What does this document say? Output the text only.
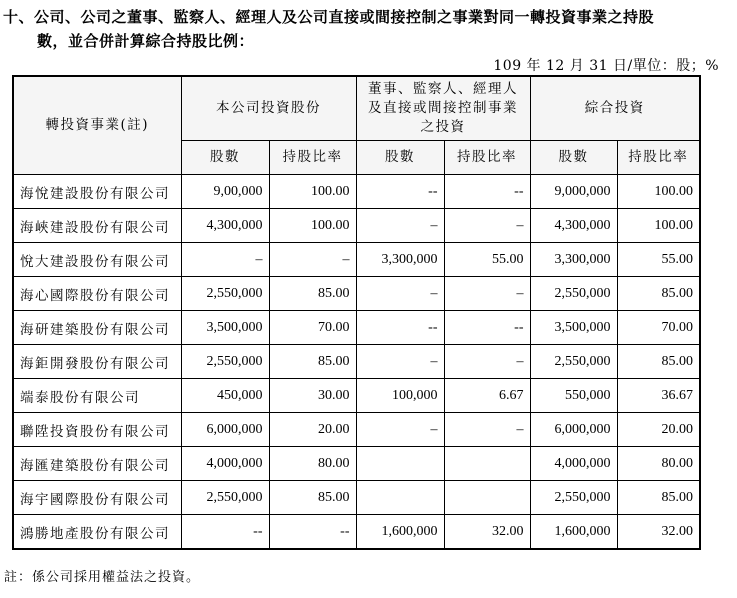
十、公司、公司之董事、監察人、經理人及公司直接或間接控制之事業對同一轉投資事業之持股
數，並合併計算綜合持股比例：
109 年 12 月 31 日/單位：股；%
轉投資事業(註)	本公司投資股份		董事、監察人、經理人及直接或間接控制事業之投資		綜合投資	
	股數	持股比率	股數	持股比率	股數	持股比率
海悅建設股份有限公司	9,00,000	100.00	--	--	9,000,000	100.00
海峽建設股份有限公司	4,300,000	100.00	–	–	4,300,000	100.00
悅大建設股份有限公司	–	–	3,300,000	55.00	3,300,000	55.00
海心國際股份有限公司	2,550,000	85.00	–	–	2,550,000	85.00
海研建築股份有限公司	3,500,000	70.00	--	--	3,500,000	70.00
海鉅開發股份有限公司	2,550,000	85.00	–	–	2,550,000	85.00
端泰股份有限公司	450,000	30.00	100,000	6.67	550,000	36.67
聯陞投資股份有限公司	6,000,000	20.00	–	–	6,000,000	20.00
海匯建築股份有限公司	4,000,000	80.00			4,000,000	80.00
海宇國際股份有限公司	2,550,000	85.00			2,550,000	85.00
鴻勝地產股份有限公司	--	--	1,600,000	32.00	1,600,000	32.00
註：係公司採用權益法之投資。
